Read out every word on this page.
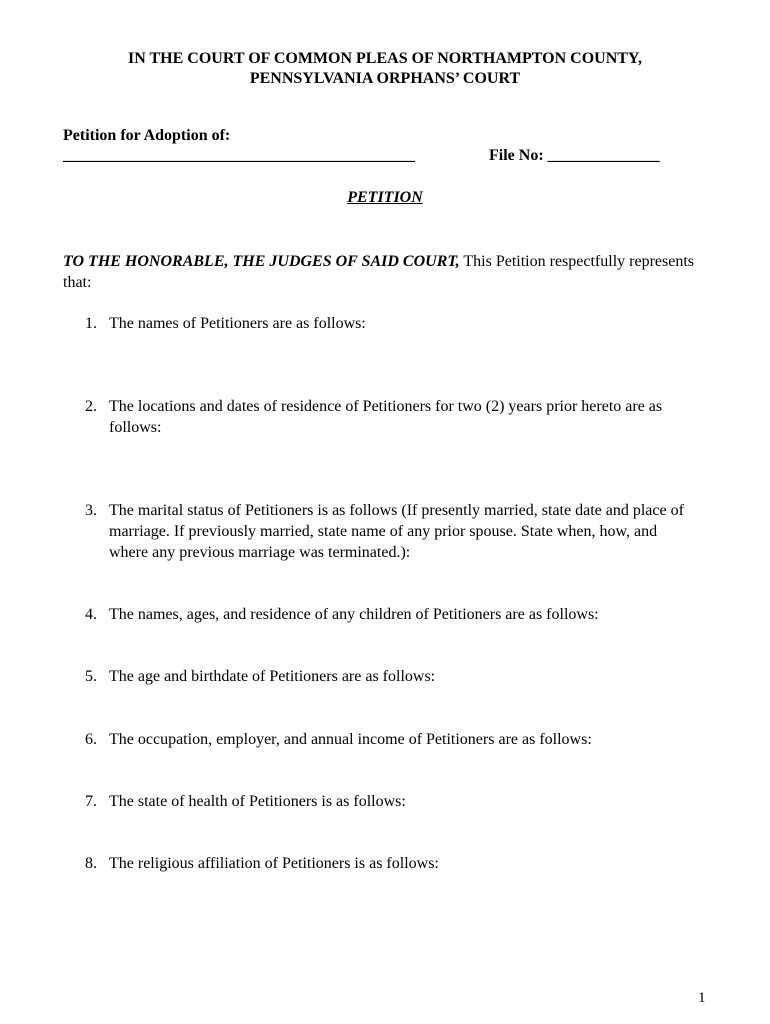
IN THE COURT OF COMMON PLEAS OF NORTHAMPTON COUNTY,
PENNSYLVANIA ORPHANS’ COURT
Petition for Adoption of:
____________________________________________	File No: ______________
PETITION
TO THE HONORABLE, THE JUDGES OF SAID COURT, This Petition respectfully represents that:
1. The names of Petitioners are as follows:
2. The locations and dates of residence of Petitioners for two (2) years prior hereto are as follows:
3. The marital status of Petitioners is as follows (If presently married, state date and place of marriage. If previously married, state name of any prior spouse. State when, how, and where any previous marriage was terminated.):
4. The names, ages, and residence of any children of Petitioners are as follows:
5. The age and birthdate of Petitioners are as follows:
6. The occupation, employer, and annual income of Petitioners are as follows:
7. The state of health of Petitioners is as follows:
8. The religious affiliation of Petitioners is as follows:
1
